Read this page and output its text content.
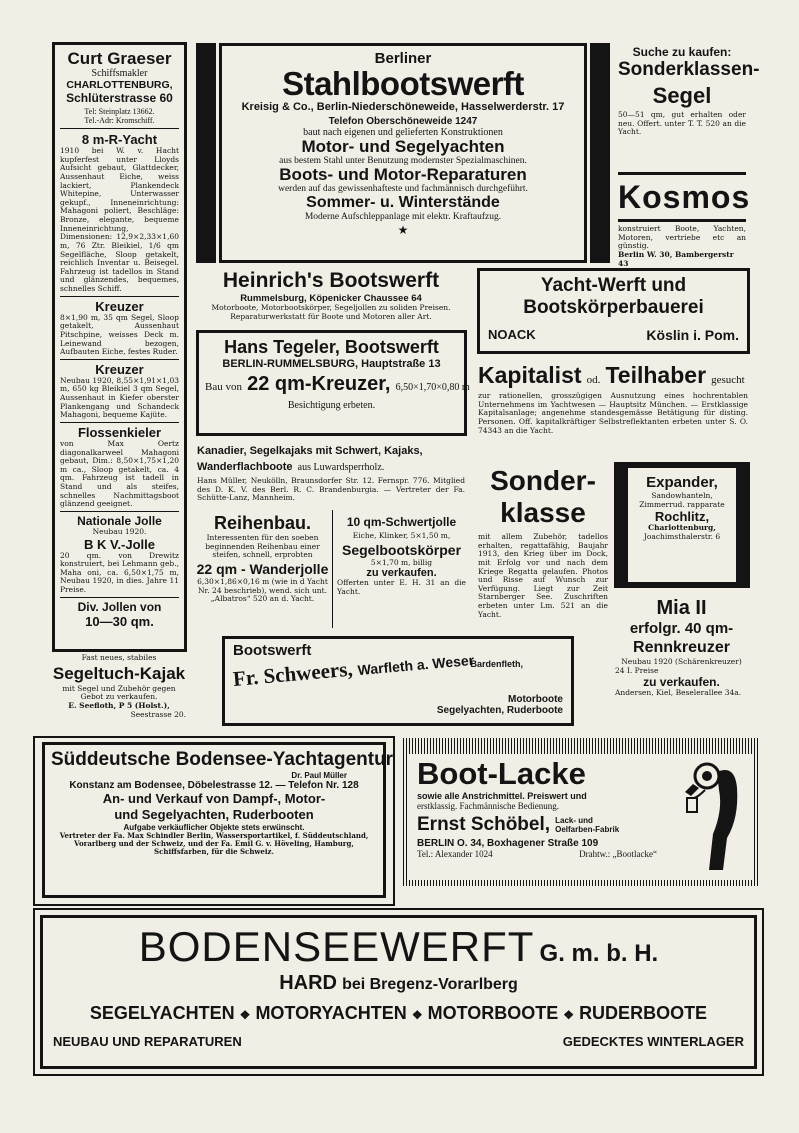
Curt Graeser
Schiffsmakler
CHARLOTTENBURG,
Schlüterstrasse 60
Tel: Steinplatz 13662.
Tel.-Adr: Kromschiff.
8 m-R-Yacht
1910 bei W. v. Hacht kupferfest unter Lloyds Aufsicht gebaut, Glattdecker, Aussenhaut Eiche, weiss lackiert, Plankendeck Whitepine, Unterwasser gekupf., Inneneinrichtung: Mahagoni poliert, Beschläge: Bronze, elegante, bequeme Inneneinrichtung, Dimensionen: 12,9×2,33×1,60 m, 76 Ztr. Bleikiel, 1/6 qm Segelfläche, Sloop getakelt, reichlich Inventar u. Beisegel. Fahrzeug ist tadellos in Stand und glänzendes, bequemes, schnelles Schiff.
Kreuzer
8×1,90 m, 35 qm Segel, Sloop getakelt, Aussenhaut Pitschpine, weisses Deck m. Leinewand bezogen, Aufbauten Eiche, festes Ruder.
Kreuzer
Neubau 1920, 8,55×1,91×1,03 m, 650 kg Bleikiel 3 qm Segel, Aussenhaut in Kiefer oberster Plankengang und Schandeck Mahagoni, bequeme Kajüte.
Flossenkieler
von Max Oertz diagonalkarweel Mahagoni gebaut, Dim.: 8,50×1,75×1,20 m ca., Sloop getakelt, ca. 4 qm. Fahrzeug ist tadell in Stand und als steifes, schnelles Nachmittagsboot glänzend geeignet.
Nationale Jolle
Neubau 1920.
B K V.-Jolle
20 qm. von Drewitz konstruiert, bei Lehmann geb., Maha oni, ca. 6,50×1,75 m, Neubau 1920, in dies. Jahre 11 Preise.
Div. Jollen von
10—30 qm.
Fast neues, stabiles
Segeltuch-Kajak
mit Segel und Zubehör gegen Gebot zu verkaufen.
E. Seefloth, P 5 (Holst.),
Seestrasse 20.
Berliner
Stahlbootswerft
Kreisig & Co., Berlin-Niederschöneweide, Hasselwerderstr. 17
Telefon Oberschöneweide 1247
baut nach eigenen und gelieferten Konstruktionen
Motor- und Segelyachten
aus bestem Stahl unter Benutzung modernster Spezialmaschinen.
Boots- und Motor-Reparaturen
werden auf das gewissenhafteste und fachmännisch durchgeführt.
Sommer- u. Winterstände
Moderne Aufschleppanlage mit elektr. Kraftaufzug.
★
Suche zu kaufen:
Sonderklassen-
Segel
50—51 qm, gut erhalten oder neu. Offert. unter T. T. 520 an die Yacht.
Kosmos
konstruiert Boote, Yachten, Motoren, vertriebe etc an günstig.
Berlin W. 30, Bambergerstr 43
Heinrich's Bootswerft
Rummelsburg, Köpenicker Chaussee 64
Motorboote, Motorbootskörper, Segeljollen zu soliden Preisen. Reparaturwerkstatt für Boote und Motoren aller Art.
Hans Tegeler, Bootswerft
BERLIN-RUMMELSBURG, Hauptstraße 13
Bau von 22 qm-Kreuzer, 6,50×1,70×0,80 m
Besichtigung erbeten.
Yacht-Werft und
Bootskörperbauerei
NOACK	Köslin i. Pom.
Kapitalist od. Teilhaber gesucht
zur rationellen, grosszügigen Ausnutzung eines hochrentablen Unternehmens im Yachtwesen — Hauptsitz München. — Erstklassige Kapitalsanlage; angenehme standesgemässe Betätigung für disting. Personen. Off. kapitalkräftiger Selbstreflektanten erbeten unter S. O. 74343 an die Yacht.
Kanadier, Segelkajaks mit Schwert, Kajaks, Wanderflachboote aus Luwardsperrholz.
Hans Müller, Neukölln, Braunsdorfer Str. 12. Fernspr. 776. Mitglied des D. K. V. des Berl. R. C. Brandenburgia. — Vertreter der Fa. Schütte-Lanz, Mannheim.
Sonder-
klasse
mit allem Zubehör, tadellos erhalten, regattafähig, Baujahr 1913, den Krieg über im Dock, mit Erfolg vor und nach dem Kriege Regatta gelaufen. Photos und Risse auf Wunsch zur Verfügung. Liegt zur Zeit Starnberger See. Zuschriften erbeten unter Lm. 521 an die Yacht.
Expander,
Sandowhanteln,
Zimmerrud. rapparate
Rochlitz,
Charlottenburg,
Joachimsthalerstr. 6
Reihenbau.
Interessenten für den soeben beginnenden Reihenbau einer steifen, schnell, erprobten
22 qm - Wanderjolle
6,30×1,86×0,16 m (wie in d Yacht Nr. 24 beschrieb), wend. sich unt. „Albatros“ 520 an d. Yacht.
10 qm-Schwertjolle
Eiche, Klinker, 5×1,50 m,
Segelbootskörper
5×1,70 m, billig
zu verkaufen.
Offerten unter E. H. 31 an die Yacht.
Mia II
erfolgr. 40 qm-
Rennkreuzer
Neubau 1920 (Schärenkreuzer)
24 I. Preise
zu verkaufen.
Andersen, Kiel, Beselerallee 34a.
Bootswerft
Bardenfleth,
Fr. Schweers, Warfleth a. Weser
Motorboote
Segelyachten, Ruderboote
Süddeutsche Bodensee-Yachtagentur
Dr. Paul Müller
Konstanz am Bodensee, Döbelestrasse 12. — Telefon Nr. 128
An- und Verkauf von Dampf-, Motor-
und Segelyachten, Ruderbooten
Aufgabe verkäuflicher Objekte stets erwünscht.
Vertreter der Fa. Max Schindler Berlin, Wassersportartikel, f. Süddeutschland, Vorarlberg und der Schweiz, und der Fa. Emil G. v. Höveling, Hamburg, Schiffsfarben, für die Schweiz.
Boot-Lacke
sowie alle Anstrichmittel. Preiswert und
erstklassig. Fachmännische Bedienung.
Ernst Schöbel, Lack- und
Oelfarben-Fabrik
BERLIN O. 34, Boxhagener Straße 109
Tel.: Alexander 1024	Drahtw.: „Bootlacke“
BODENSEEWERFT G. m. b. H.
HARD bei Bregenz-Vorarlberg
SEGELYACHTEN ❖ MOTORYACHTEN ❖ MOTORBOOTE ❖ RUDERBOOTE
NEUBAU UND REPARATUREN	GEDECKTES WINTERLAGER
